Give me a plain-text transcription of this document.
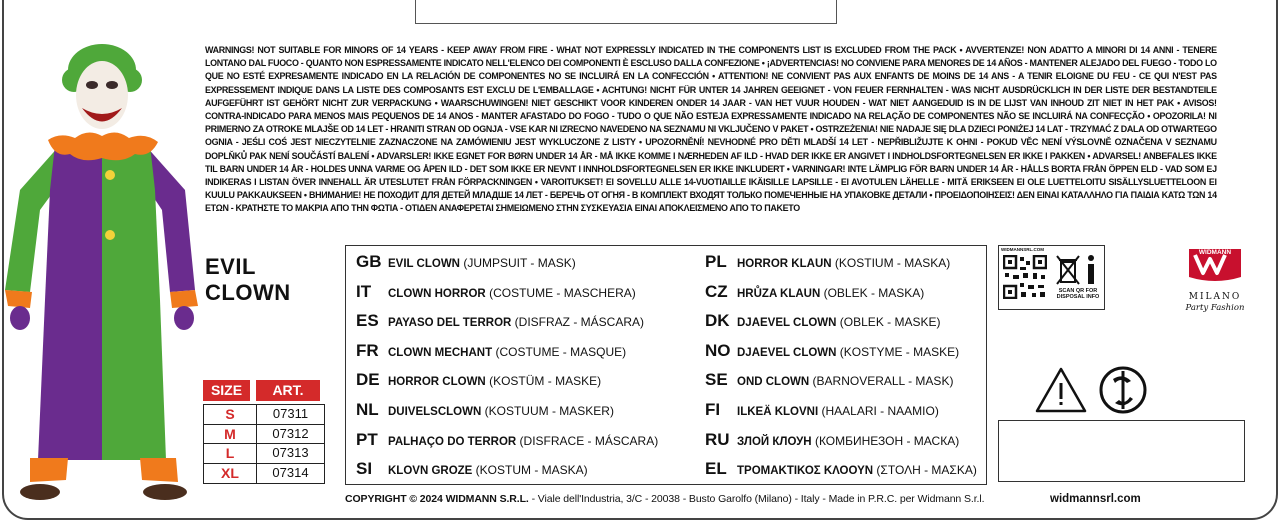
WARNINGS! NOT SUITABLE FOR MINORS OF 14 YEARS - KEEP AWAY FROM FIRE - WHAT NOT EXPRESSLY INDICATED IN THE COMPONENTS LIST IS EXCLUDED FROM THE PACK • AVVERTENZE! NON ADATTO A MINORI DI 14 ANNI - TENERE LONTANO DAL FUOCO - QUANTO NON ESPRESSAMENTE INDICATO NELL'ELENCO DEI COMPONENTI È ESCLUSO DALLA CONFEZIONE • ¡ADVERTENCIAS! NO CONVIENE PARA MENORES DE 14 AÑOS - MANTENER ALEJADO DEL FUEGO - TODO LO QUE NO ESTÉ EXPRESAMENTE INDICADO EN LA RELACIÓN DE COMPONENTES NO SE INCLUIRÁ EN LA CONFECCIÓN • ATTENTION! NE CONVIENT PAS AUX ENFANTS DE MOINS DE 14 ANS - A TENIR ELOIGNE DU FEU - CE QUI N'EST PAS EXPRESSEMENT INDIQUE DANS LA LISTE DES COMPOSANTS EST EXCLU DE L'EMBALLAGE • ACHTUNG! NICHT FÜR UNTER 14 JAHREN GEEIGNET - VON FEUER FERNHALTEN - WAS NICHT AUSDRÜCKLICH IN DER LISTE DER BESTANDTEILE AUFGEFÜHRT IST GEHÖRT NICHT ZUR VERPACKUNG • WAARSCHUWINGEN! NIET GESCHIKT VOOR KINDEREN ONDER 14 JAAR - VAN HET VUUR HOUDEN - WAT NIET AANGEDUID IS IN DE LIJST VAN INHOUD ZIT NIET IN HET PAK • AVISOS! CONTRA-INDICADO PARA MENOS MAIS PEQUENOS DE 14 ANOS - MANTER AFASTADO DO FOGO - TUDO O QUE NÃO ESTEJA EXPRESSAMENTE INDICADO NA RELAÇÃO DE COMPONENTES NÃO SE INCLUIRÁ NA CONFECÇÃO • OPOZORILA! NI PRIMERNO ZA OTROKE MLAJŠE OD 14 LET - HRANITI STRAN OD OGNJA - VSE KAR NI IZRECNO NAVEDENO NA SEZNAMU NI VKLJUČENO V PAKET • OSTRZEŻENIA! NIE NADAJE SIĘ DLA DZIECI PONIŻEJ 14 LAT - TRZYMAĆ Z DALA OD OTWARTEGO OGNIA - JEŚLI COŚ JEST NIECZYTELNIE ZAZNACZONE NA ZAMÓWIENIU JEST WYKLUCZONE Z LISTY • UPOZORNĚNÍ! NEVHODNÉ PRO DĚTI MLADŠÍ 14 LET - NEPŘIBLIŽUJTE K OHNI - POKUD VĚC NENÍ VÝSLOVNĚ OZNAČENA V SEZNAMU DOPLŇKŮ PAK NENÍ SOUČÁSTÍ BALENÍ • ADVARSLER! IKKE EGNET FOR BØRN UNDER 14 ÅR - MÅ IKKE KOMME I NÆRHEDEN AF ILD - HVAD DER IKKE ER ANGIVET I INDHOLDSFORTEGNELSEN ER IKKE I PAKKEN • ADVARSEL! ANBEFALES IKKE TIL BARN UNDER 14 ÅR - HOLDES UNNA VARME OG ÅPEN ILD - DET SOM IKKE ER NEVNT I INNHOLDSFORTEGNELSEN ER IKKE INKLUDERT • VARNINGAR! INTE LÄMPLIG FÖR BARN UNDER 14 ÅR - HÅLLS BORTA FRÅN ÖPPEN ELD - VAD SOM EJ INDIKERAS I LISTAN ÖVER INNEHALL ÄR UTESLUTET FRÅN FÖRPACKNINGEN • VAROITUKSET! EI SOVELLU ALLE 14-VUOTIAILLE IKÄISILLE LAPSILLE - EI AVOTULEN LÄHELLE - MITÄ ERIKSEEN EI OLE LUETTELOITU SISÄLLYSLUETTELOON EI KUULU PAKKAUKSEEN • ВНИМАНИЕ! НЕ ПОХОДИТ ДЛЯ ДЕТЕЙ МЛАДШЕ 14 ЛЕТ - БЕРЕЧЬ ОТ ОГНЯ - В КОМПЛЕКТ ВХОДЯТ ТОЛЬКО ПОМЕЧЕННЫЕ НА УПАКОВКЕ ДЕТАЛИ • ΠΡΟΕΙΔΟΠΟΙΗΣΕΙΣ! ΔΕΝ ΕΙΝΑΙ ΚΑΤΑΛΛΗΛΟ ΓΙΑ ΠΑΙΔΙΑ ΚΑΤΩ ΤΩΝ 14 ΕΤΩΝ - ΚΡΑΤΗΣΤΕ ΤΟ ΜΑΚΡΙΑ ΑΠΟ ΤΗΝ ΦΩΤΙΑ - ΟΤΙΔΕΝ ΑΝΑΦΕΡΕΤΑΙ ΣΗΜΕΙΩΜΕΝΟ ΣΤΗΝ ΣΥΣΚΕΥΑΣΙΑ ΕΙΝΑΙ ΑΠΟΚΛΕΙΣΜΕΝΟ ΑΠΟ ΤΟ ΠΑΚΕΤΟ
EVIL
CLOWN
SIZE	ART.
S	07311
M	07312
L	07313
XL	07314
GB EVIL CLOWN (JUMPSUIT - MASK)
IT CLOWN HORROR (COSTUME - MASCHERA)
ES PAYASO DEL TERROR (DISFRAZ - MÁSCARA)
FR CLOWN MECHANT (COSTUME - MASQUE)
DE HORROR CLOWN (KOSTÜM - MASKE)
NL DUIVELSCLOWN (KOSTUUM - MASKER)
PT PALHAÇO DO TERROR (DISFRACE - MÁSCARA)
SI KLOVN GROZE (KOSTUM - MASKA)
PL HORROR KLAUN (KOSTIUM - MASKA)
CZ HRŮZA KLAUN (OBLEK - MASKA)
DK DJAEVEL CLOWN (OBLEK - MASKE)
NO DJAEVEL CLOWN (KOSTYME - MASKE)
SE OND CLOWN (BARNOVERALL - MASK)
FI ILKEÄ KLOVNI (HAALARI - NAAMIO)
RU ЗЛОЙ КЛОУН (КОМБИНЕЗОН - МАСКА)
EL ΤΡΟΜΑΚΤΙΚΟΣ ΚΛΟΟΥΝ (ΣΤΟΛΗ - ΜΑΣΚΑ)
COPYRIGHT © 2024 WIDMANN S.R.L. - Viale dell'Industria, 3/C - 20038 - Busto Garolfo (Milano) - Italy - Made in P.R.C. per Widmann S.r.l.	widmannsrl.com
WIDMANNSRL.COM
SCAN QR FOR
DISPOSAL INFO
WIDMANN
MILANO
Party Fashion
